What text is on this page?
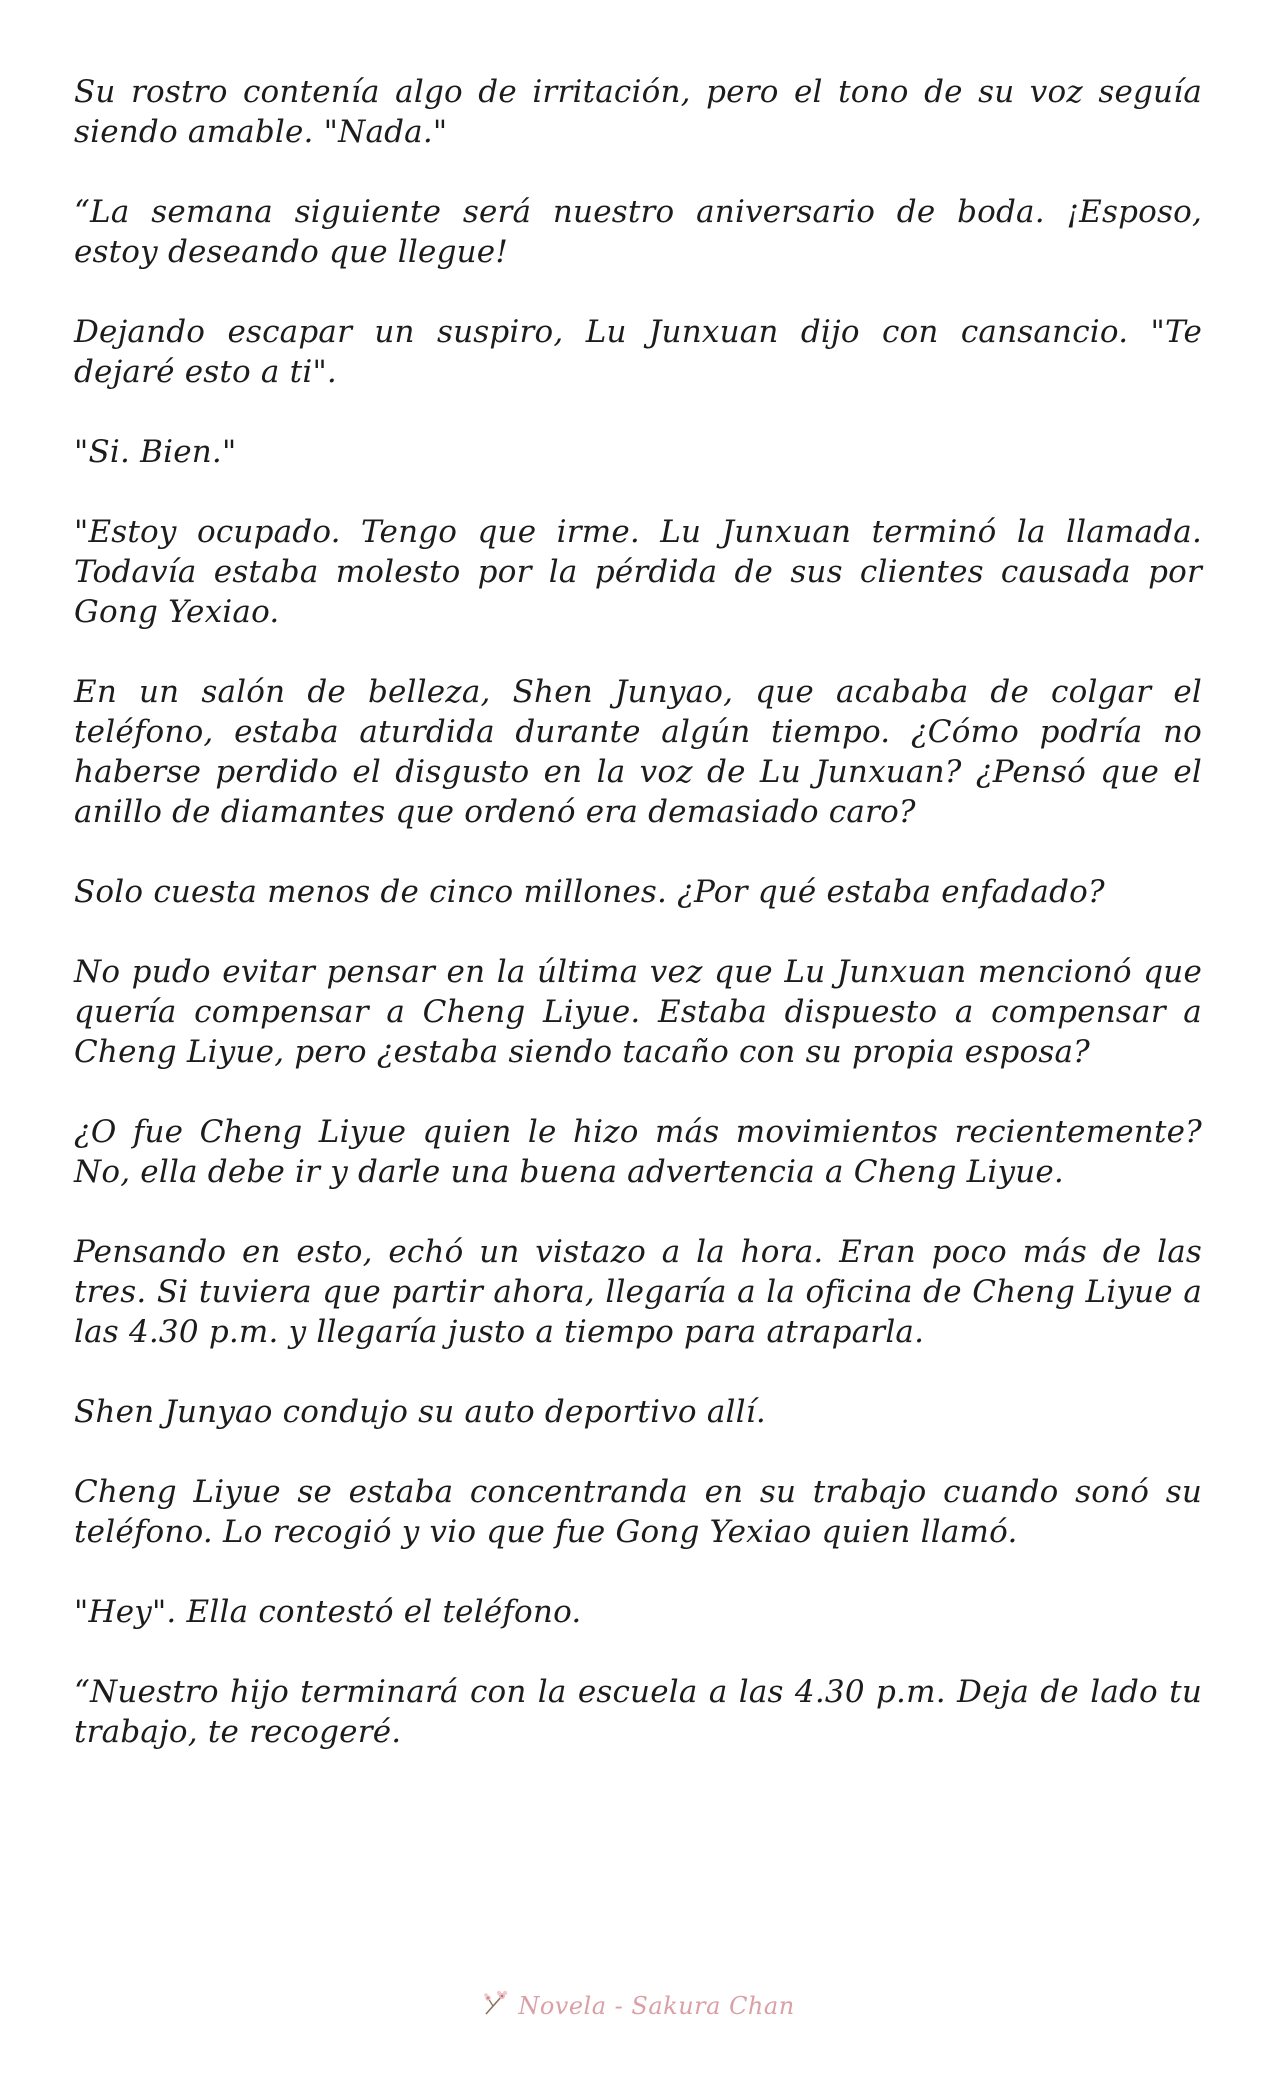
Su rostro contenía algo de irritación, pero el tono de su voz seguía siendo amable. "Nada."

“La semana siguiente será nuestro aniversario de boda. ¡Esposo, estoy deseando que llegue!

Dejando escapar un suspiro, Lu Junxuan dijo con cansancio. "Te dejaré esto a ti".

"Si. Bien."

"Estoy ocupado. Tengo que irme. Lu Junxuan terminó la llamada. Todavía estaba molesto por la pérdida de sus clientes causada por Gong Yexiao.

En un salón de belleza, Shen Junyao, que acababa de colgar el teléfono, estaba aturdida durante algún tiempo. ¿Cómo podría no haberse perdido el disgusto en la voz de Lu Junxuan? ¿Pensó que el anillo de diamantes que ordenó era demasiado caro?

Solo cuesta menos de cinco millones. ¿Por qué estaba enfadado?

No pudo evitar pensar en la última vez que Lu Junxuan mencionó que quería compensar a Cheng Liyue. Estaba dispuesto a compensar a Cheng Liyue, pero ¿estaba siendo tacaño con su propia esposa?

¿O fue Cheng Liyue quien le hizo más movimientos recientemente? No, ella debe ir y darle una buena advertencia a Cheng Liyue.

Pensando en esto, echó un vistazo a la hora. Eran poco más de las tres. Si tuviera que partir ahora, llegaría a la oficina de Cheng Liyue a las 4.30 p.m. y llegaría justo a tiempo para atraparla.

Shen Junyao condujo su auto deportivo allí.

Cheng Liyue se estaba concentranda en su trabajo cuando sonó su teléfono. Lo recogió y vio que fue Gong Yexiao quien llamó.

"Hey". Ella contestó el teléfono.

“Nuestro hijo terminará con la escuela a las 4.30 p.m. Deja de lado tu trabajo, te recogeré.

Novela - Sakura Chan
